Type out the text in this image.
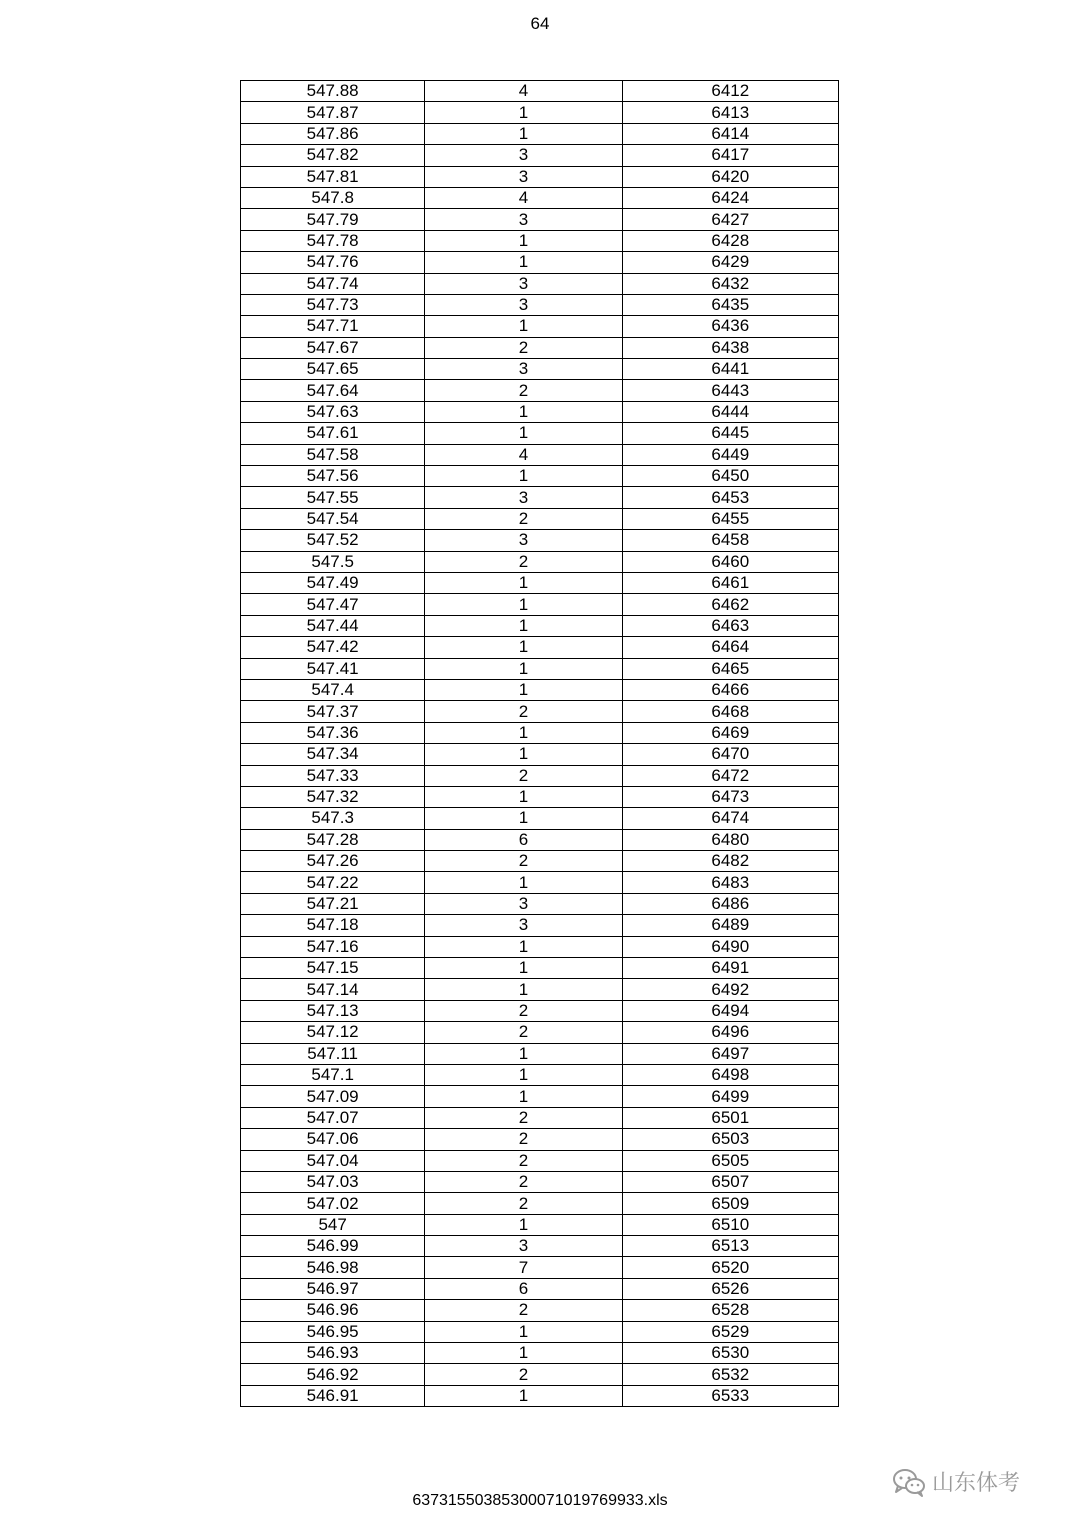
64
547.88	4	6412
547.87	1	6413
547.86	1	6414
547.82	3	6417
547.81	3	6420
547.8	4	6424
547.79	3	6427
547.78	1	6428
547.76	1	6429
547.74	3	6432
547.73	3	6435
547.71	1	6436
547.67	2	6438
547.65	3	6441
547.64	2	6443
547.63	1	6444
547.61	1	6445
547.58	4	6449
547.56	1	6450
547.55	3	6453
547.54	2	6455
547.52	3	6458
547.5	2	6460
547.49	1	6461
547.47	1	6462
547.44	1	6463
547.42	1	6464
547.41	1	6465
547.4	1	6466
547.37	2	6468
547.36	1	6469
547.34	1	6470
547.33	2	6472
547.32	1	6473
547.3	1	6474
547.28	6	6480
547.26	2	6482
547.22	1	6483
547.21	3	6486
547.18	3	6489
547.16	1	6490
547.15	1	6491
547.14	1	6492
547.13	2	6494
547.12	2	6496
547.11	1	6497
547.1	1	6498
547.09	1	6499
547.07	2	6501
547.06	2	6503
547.04	2	6505
547.03	2	6507
547.02	2	6509
547	1	6510
546.99	3	6513
546.98	7	6520
546.97	6	6526
546.96	2	6528
546.95	1	6529
546.93	1	6530
546.92	2	6532
546.91	1	6533
山东体考
63731550385300071019769933.xls
